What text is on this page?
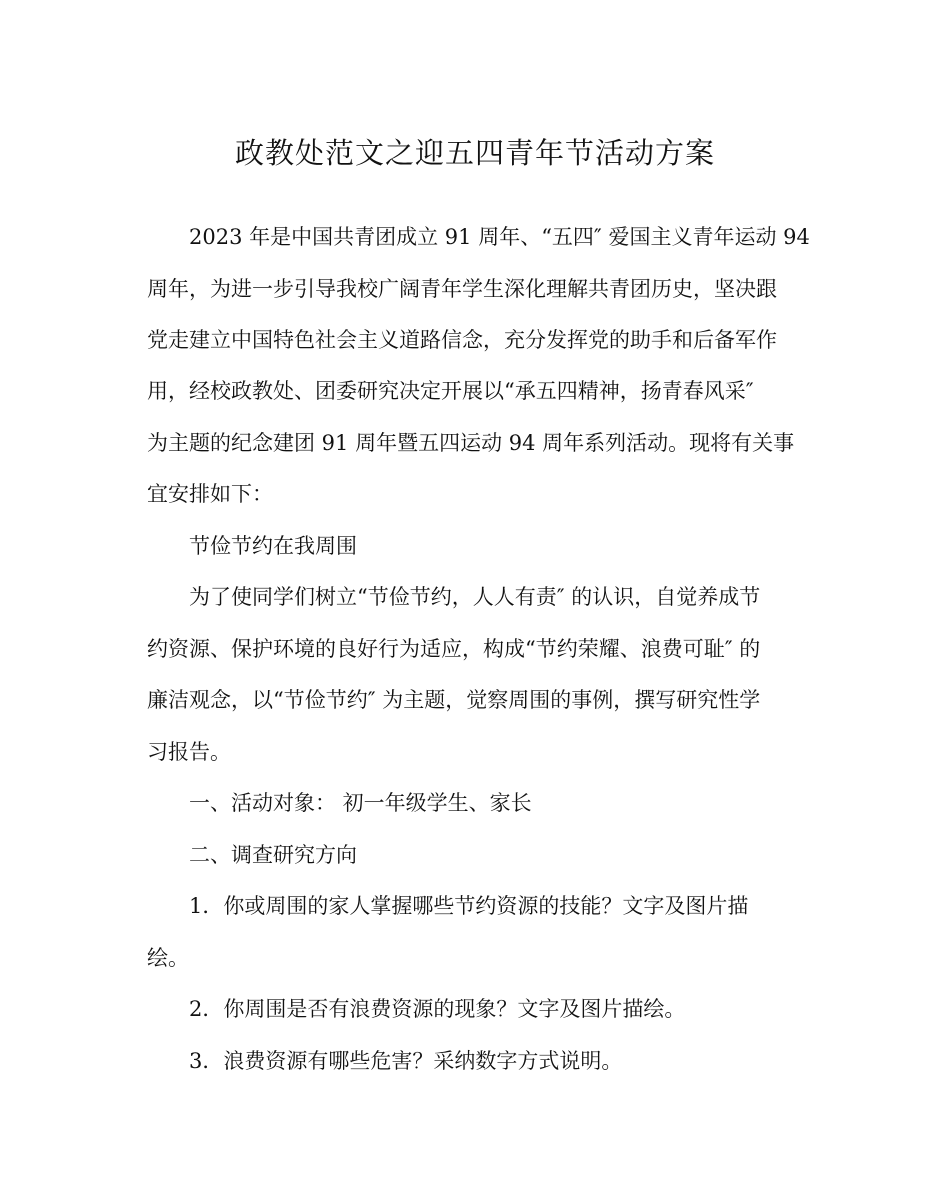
政教处范文之迎五四青年节活动方案
2023 年是中国共青团成立 91 周年、“五四″ 爱国主义青年运动 94
周年，为进一步引导我校广阔青年学生深化理解共青团历史，坚决跟
党走建立中国特色社会主义道路信念，充分发挥党的助手和后备军作
用，经校政教处、团委研究决定开展以“承五四精神，扬青春风采″
为主题的纪念建团 91 周年暨五四运动 94 周年系列活动。现将有关事
宜安排如下：
节俭节约在我周围
为了使同学们树立“节俭节约，人人有责″ 的认识，自觉养成节
约资源、保护环境的良好行为适应，构成“节约荣耀、浪费可耻″ 的
廉洁观念，以“节俭节约″ 为主题，觉察周围的事例，撰写研究性学
习报告。
一、活动对象： 初一年级学生、家长
二、调查研究方向
1．你或周围的家人掌握哪些节约资源的技能？文字及图片描
绘。
2．你周围是否有浪费资源的现象？文字及图片描绘。
3．浪费资源有哪些危害？采纳数字方式说明。
